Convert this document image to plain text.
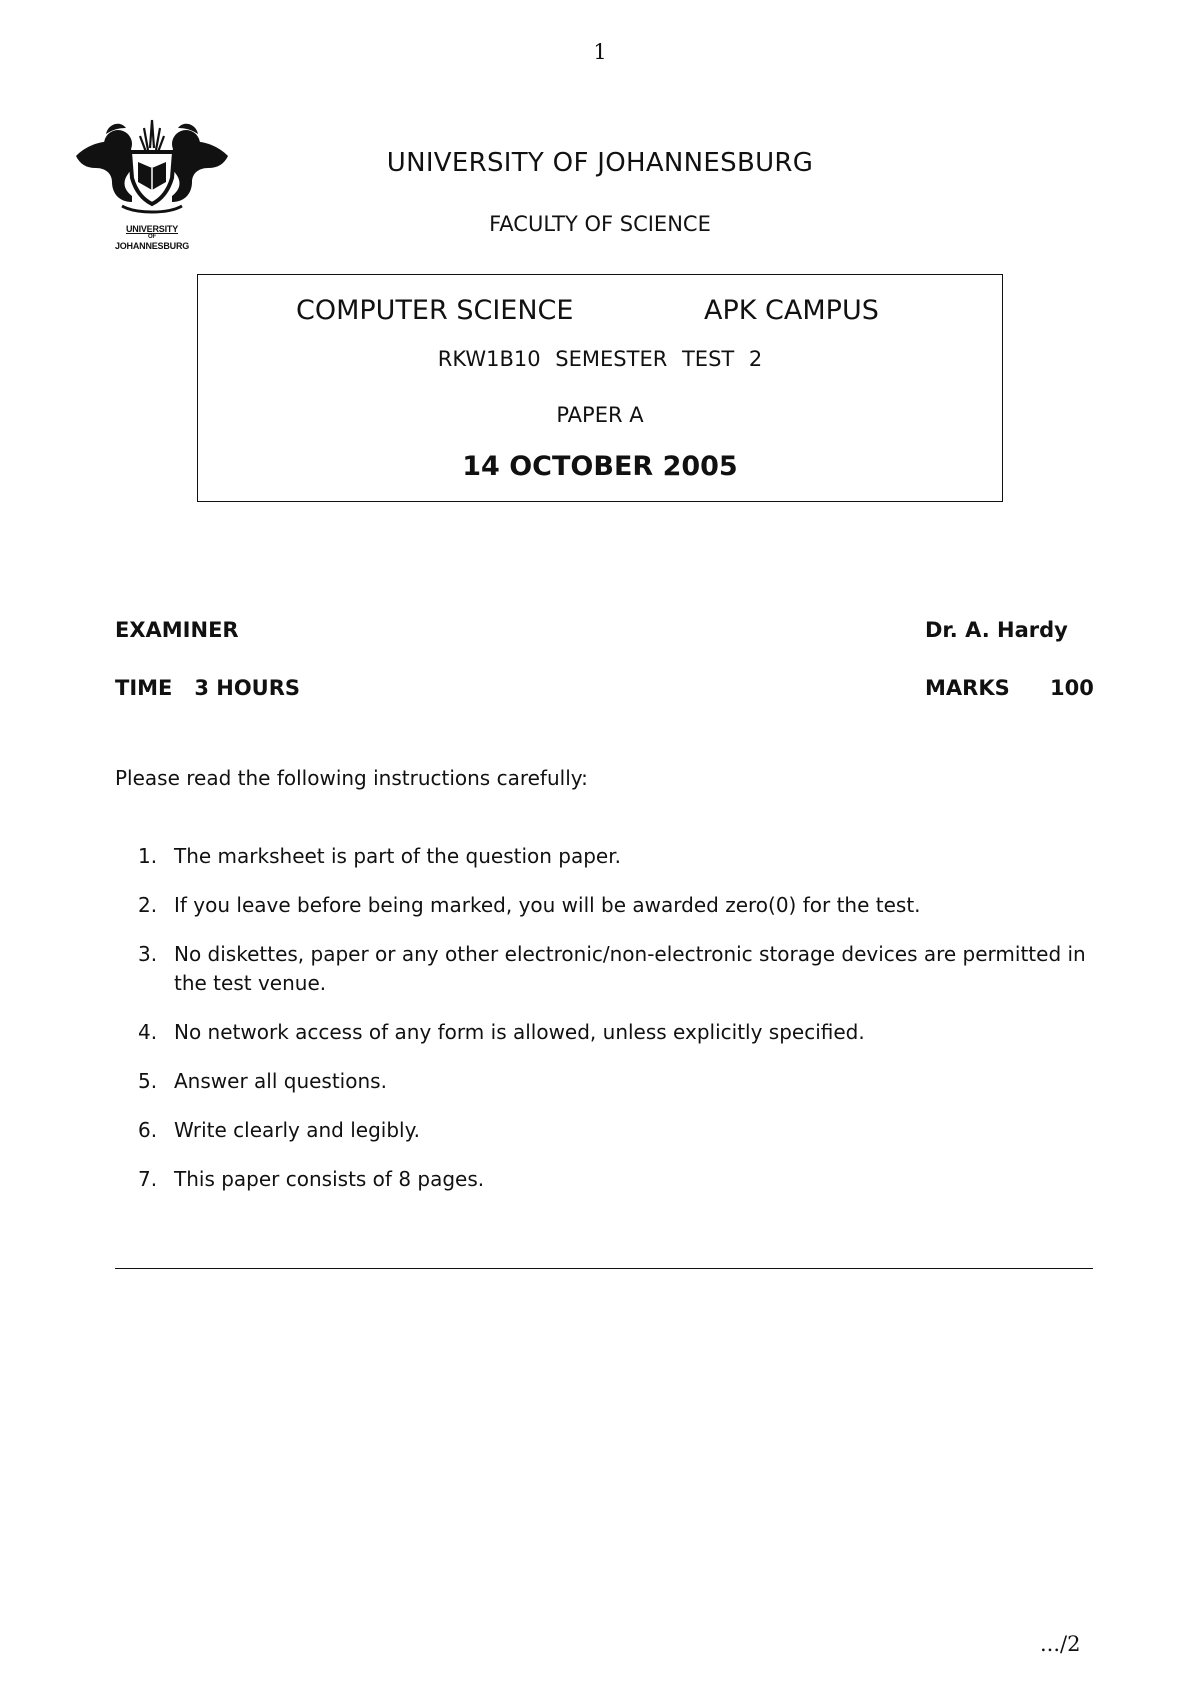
1
UNIVERSITY
OF
JOHANNESBURG
UNIVERSITY OF JOHANNESBURG
FACULTY OF SCIENCE
COMPUTER SCIENCE	APK CAMPUS
RKW1B10 SEMESTER TEST 2
PAPER A
14 OCTOBER 2005
EXAMINER	Dr. A. Hardy
TIME 3 HOURS	MARKS 100
Please read the following instructions carefully:
1. The marksheet is part of the question paper.
2. If you leave before being marked, you will be awarded zero(0) for the test.
3. No diskettes, paper or any other electronic/non-electronic storage devices are permitted in the test venue.
4. No network access of any form is allowed, unless explicitly specified.
5. Answer all questions.
6. Write clearly and legibly.
7. This paper consists of 8 pages.
.../2
